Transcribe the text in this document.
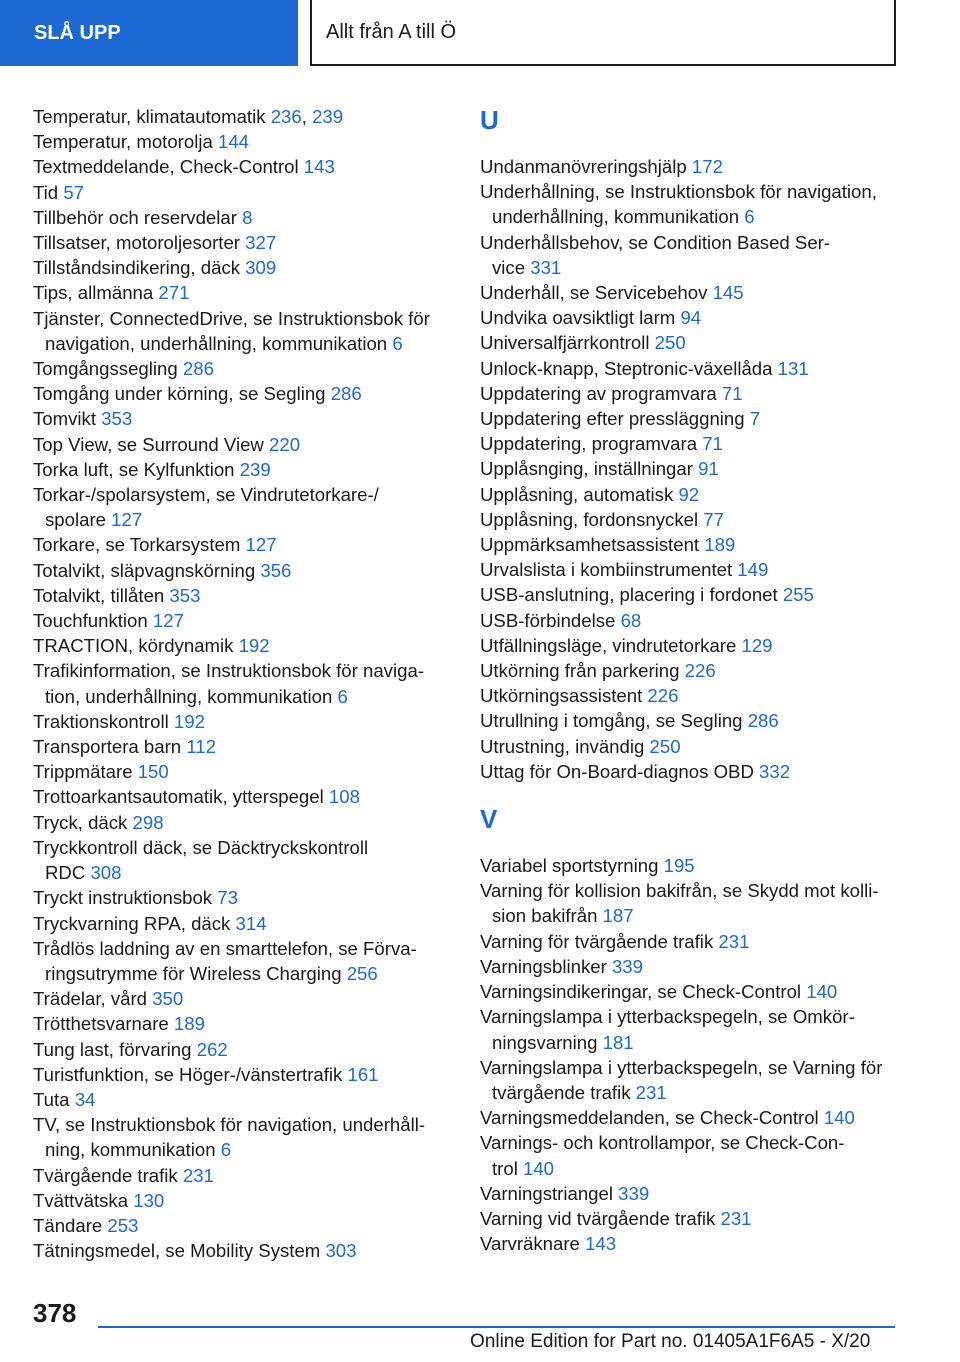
SLÅ UPP	Allt från A till Ö
Temperatur, klimatautomatik 236, 239
Temperatur, motorolja 144
Textmeddelande, Check-Control 143
Tid 57
Tillbehör och reservdelar 8
Tillsatser, motoroljesorter 327
Tillståndsindikering, däck 309
Tips, allmänna 271
Tjänster, ConnectedDrive, se Instruktionsbok för
navigation, underhållning, kommunikation 6
Tomgångssegling 286
Tomgång under körning, se Segling 286
Tomvikt 353
Top View, se Surround View 220
Torka luft, se Kylfunktion 239
Torkar-/spolarsystem, se Vindrutetorkare-/
spolare 127
Torkare, se Torkarsystem 127
Totalvikt, släpvagnskörning 356
Totalvikt, tillåten 353
Touchfunktion 127
TRACTION, kördynamik 192
Trafikinformation, se Instruktionsbok för naviga-
tion, underhållning, kommunikation 6
Traktionskontroll 192
Transportera barn 112
Trippmätare 150
Trottoarkantsautomatik, ytterspegel 108
Tryck, däck 298
Tryckkontroll däck, se Däcktryckskontroll
RDC 308
Tryckt instruktionsbok 73
Tryckvarning RPA, däck 314
Trådlös laddning av en smarttelefon, se Förva-
ringsutrymme för Wireless Charging 256
Trädelar, vård 350
Trötthetsvarnare 189
Tung last, förvaring 262
Turistfunktion, se Höger-/vänstertrafik 161
Tuta 34
TV, se Instruktionsbok för navigation, underhåll-
ning, kommunikation 6
Tvärgående trafik 231
Tvättvätska 130
Tändare 253
Tätningsmedel, se Mobility System 303
U
Undanmanövreringshjälp 172
Underhållning, se Instruktionsbok för navigation,
underhållning, kommunikation 6
Underhållsbehov, se Condition Based Ser-
vice 331
Underhåll, se Servicebehov 145
Undvika oavsiktligt larm 94
Universalfjärrkontroll 250
Unlock-knapp, Steptronic-växellåda 131
Uppdatering av programvara 71
Uppdatering efter pressläggning 7
Uppdatering, programvara 71
Upplåsnging, inställningar 91
Upplåsning, automatisk 92
Upplåsning, fordonsnyckel 77
Uppmärksamhetsassistent 189
Urvalslista i kombiinstrumentet 149
USB-anslutning, placering i fordonet 255
USB-förbindelse 68
Utfällningsläge, vindrutetorkare 129
Utkörning från parkering 226
Utkörningsassistent 226
Utrullning i tomgång, se Segling 286
Utrustning, invändig 250
Uttag för On-Board-diagnos OBD 332
V
Variabel sportstyrning 195
Varning för kollision bakifrån, se Skydd mot kolli-
sion bakifrån 187
Varning för tvärgående trafik 231
Varningsblinker 339
Varningsindikeringar, se Check-Control 140
Varningslampa i ytterbackspegeln, se Omkör-
ningsvarning 181
Varningslampa i ytterbackspegeln, se Varning för
tvärgående trafik 231
Varningsmeddelanden, se Check-Control 140
Varnings- och kontrollampor, se Check-Con-
trol 140
Varningstriangel 339
Varning vid tvärgående trafik 231
Varvräknare 143
378
Online Edition for Part no. 01405A1F6A5 - X/20
